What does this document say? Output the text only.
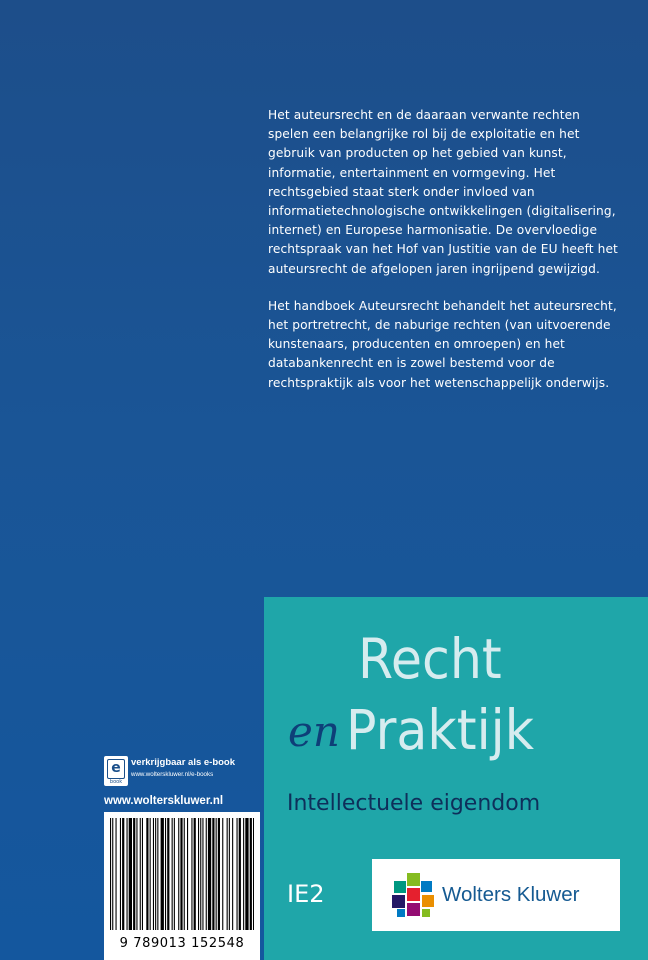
Het auteursrecht en de daaraan verwante rechten spelen een belangrijke rol bij de exploitatie en het gebruik van producten op het gebied van kunst, informatie, entertainment en vormgeving. Het rechtsgebied staat sterk onder invloed van informatietechnologische ontwikkelingen (digitalisering, internet) en Europese harmonisatie. De overvloedige rechtspraak van het Hof van Justitie van de EU heeft het auteursrecht de afgelopen jaren ingrijpend gewijzigd.

Het handboek Auteursrecht behandelt het auteursrecht, het portretrecht, de naburige rechten (van uitvoerende kunstenaars, producenten en omroepen) en het databankenrecht en is zowel bestemd voor de rechtspraktijk als voor het wetenschappelijk onderwijs.

Recht
en Praktijk
Intellectuele eigendom
IE2	Wolters Kluwer
e
book
verkrijgbaar als e-book
www.wolterskluwer.nl/e-books
www.wolterskluwer.nl
9 789013 152548
